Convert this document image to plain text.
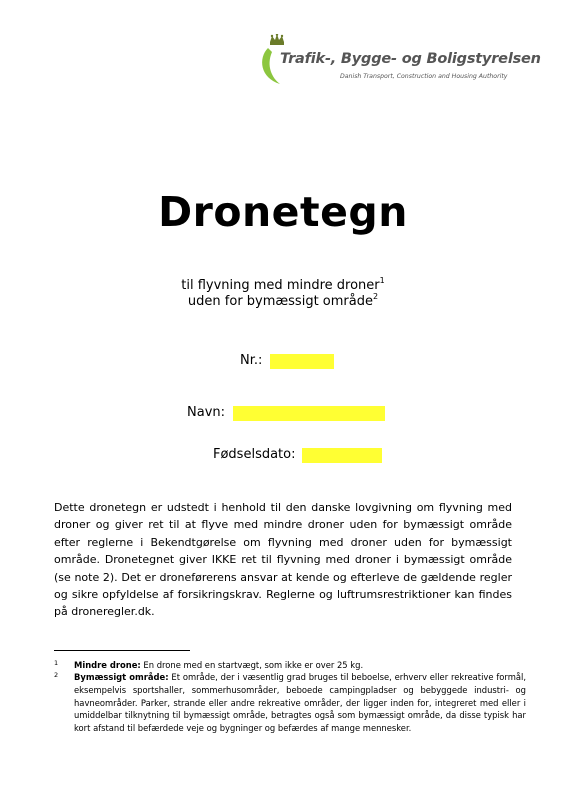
Trafik-, Bygge- og Boligstyrelsen
Danish Transport, Construction and Housing Authority
Dronetegn
til flyvning med mindre droner$^1$
uden for bymæssigt område$^2$
Nr.:
Navn:
Fødselsdato:
Dette dronetegn er udstedt i henhold til den danske lovgivning om flyvning med droner og giver ret til at flyve med mindre droner uden for bymæssigt område efter reglerne i Bekendtgørelse om flyvning med droner uden for bymæssigt område. Dronetegnet giver IKKE ret til flyvning med droner i bymæssigt område (se note 2). Det er droneførerens ansvar at kende og efterleve de gældende regler og sikre opfyldelse af forsikringskrav. Reglerne og luftrumsrestriktioner kan findes på droneregler.dk.
1 Mindre drone: En drone med en startvægt, som ikke er over 25 kg.
2 Bymæssigt område: Et område, der i væsentlig grad bruges til beboelse, erhverv eller rekreative formål, eksempelvis sportshaller, sommerhusområder, beboede campingpladser og bebyggede industri- og havneområder. Parker, strande eller andre rekreative områder, der ligger inden for, integreret med eller i umiddelbar tilknytning til bymæssigt område, betragtes også som bymæssigt område, da disse typisk har kort afstand til befærdede veje og bygninger og befærdes af mange mennesker.
